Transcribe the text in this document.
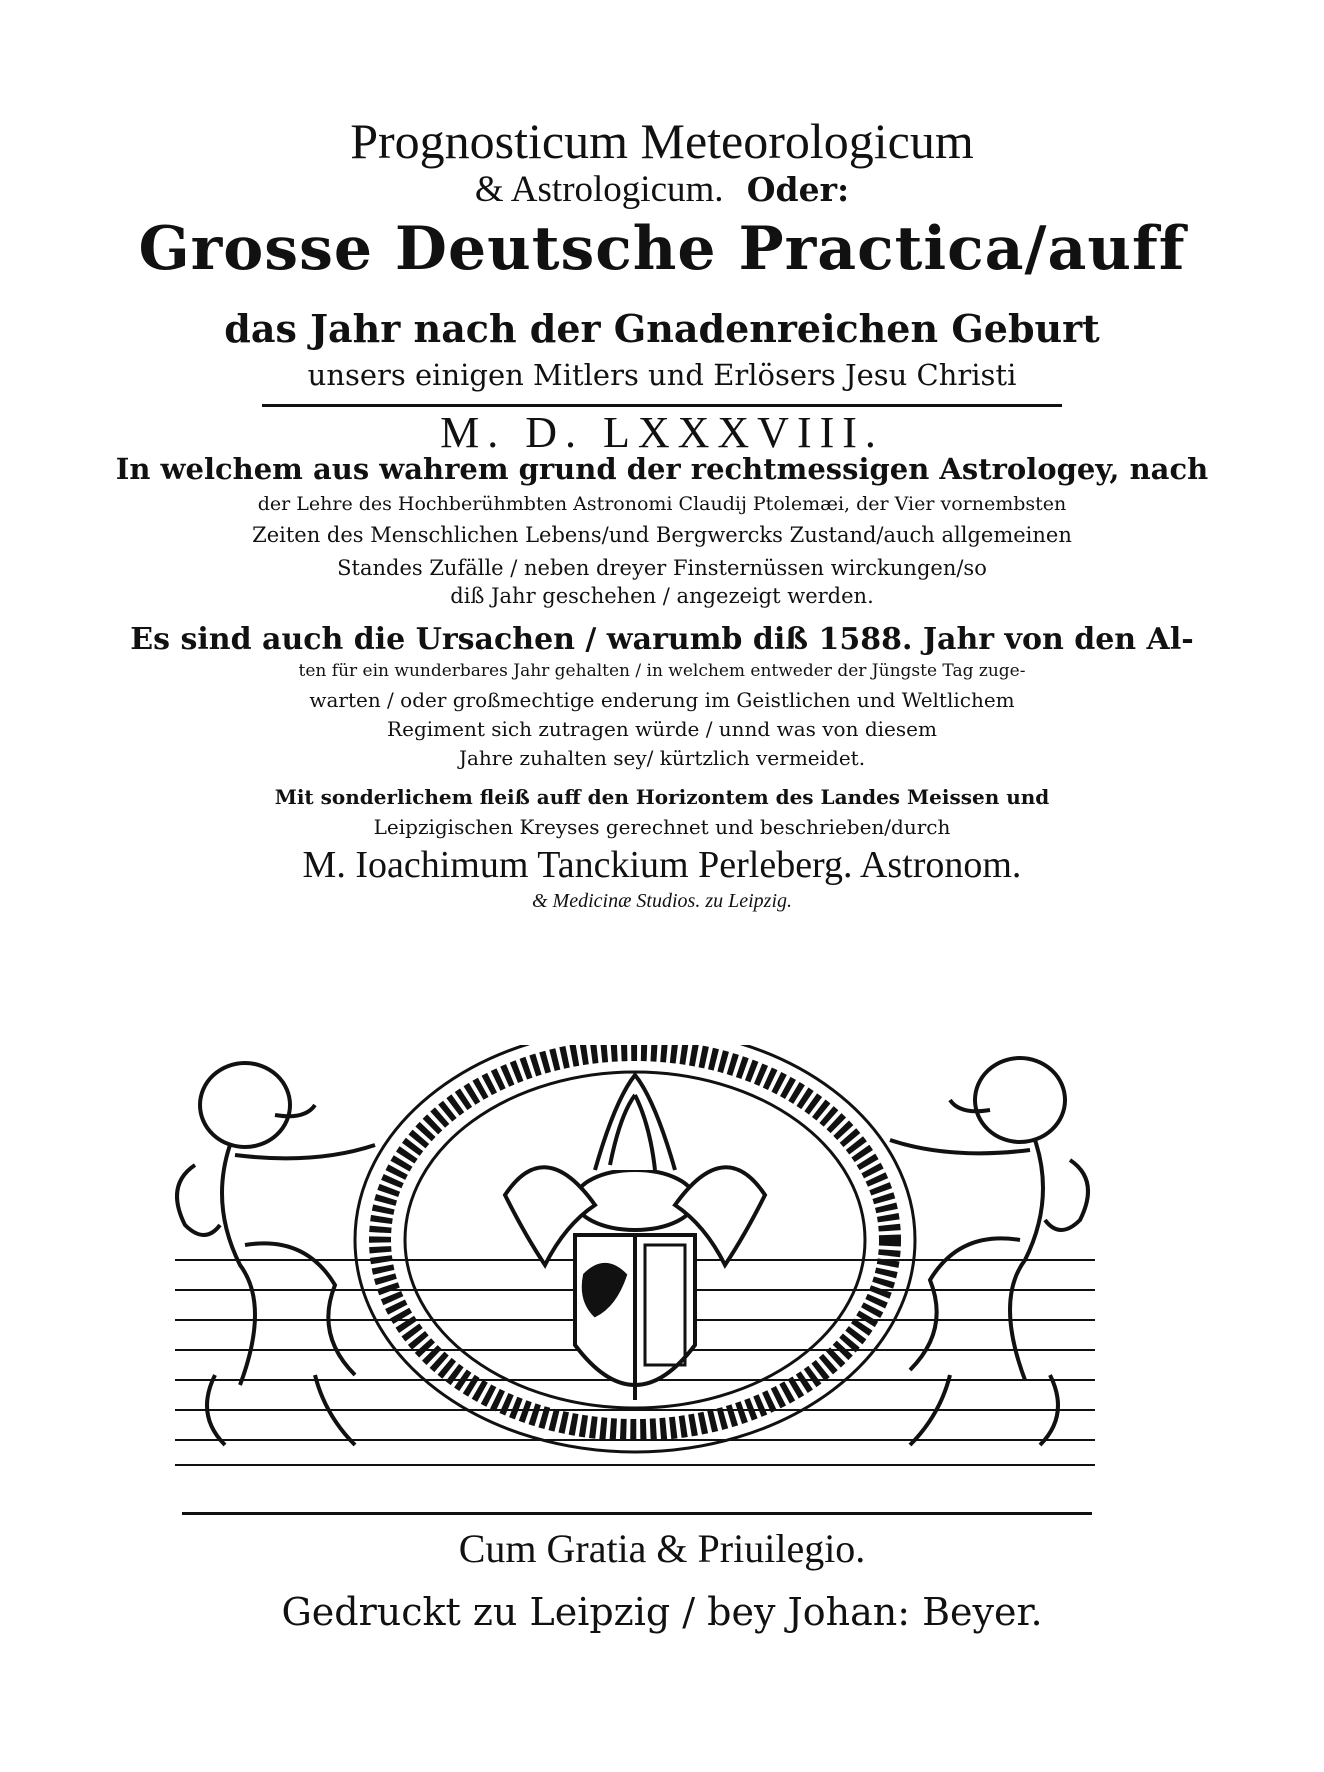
Prognosticum Meteorologicum
& Astrologicum. Oder:
Grosse Deutsche Practica/auff
das Jahr nach der Gnadenreichen Geburt
unsers einigen Mitlers und Erlösers Jesu Christi
M. D. LXXXVIII.
In welchem aus wahrem grund der rechtmessigen Astrologey, nach
der Lehre des Hochberühmbten Astronomi Claudij Ptolemæi, der Vier vornembsten
Zeiten des Menschlichen Lebens/und Bergwercks Zustand/auch allgemeinen
Standes Zufälle / neben dreyer Finsternüssen wirckungen/so
diß Jahr geschehen / angezeigt werden.
Es sind auch die Ursachen / warumb diß 1588. Jahr von den Al-
ten für ein wunderbares Jahr gehalten / in welchem entweder der Jüngste Tag zuge-
warten / oder großmechtige enderung im Geistlichen und Weltlichem
Regiment sich zutragen würde / unnd was von diesem
Jahre zuhalten sey/ kürtzlich vermeidet.
Mit sonderlichem fleiß auff den Horizontem des Landes Meissen und
Leipzigischen Kreyses gerechnet und beschrieben/durch
M. Ioachimum Tanckium Perleberg. Astronom.
& Medicinæ Studios. zu Leipzig.
Cum Gratia & Priuilegio.
Gedruckt zu Leipzig / bey Johan: Beyer.
